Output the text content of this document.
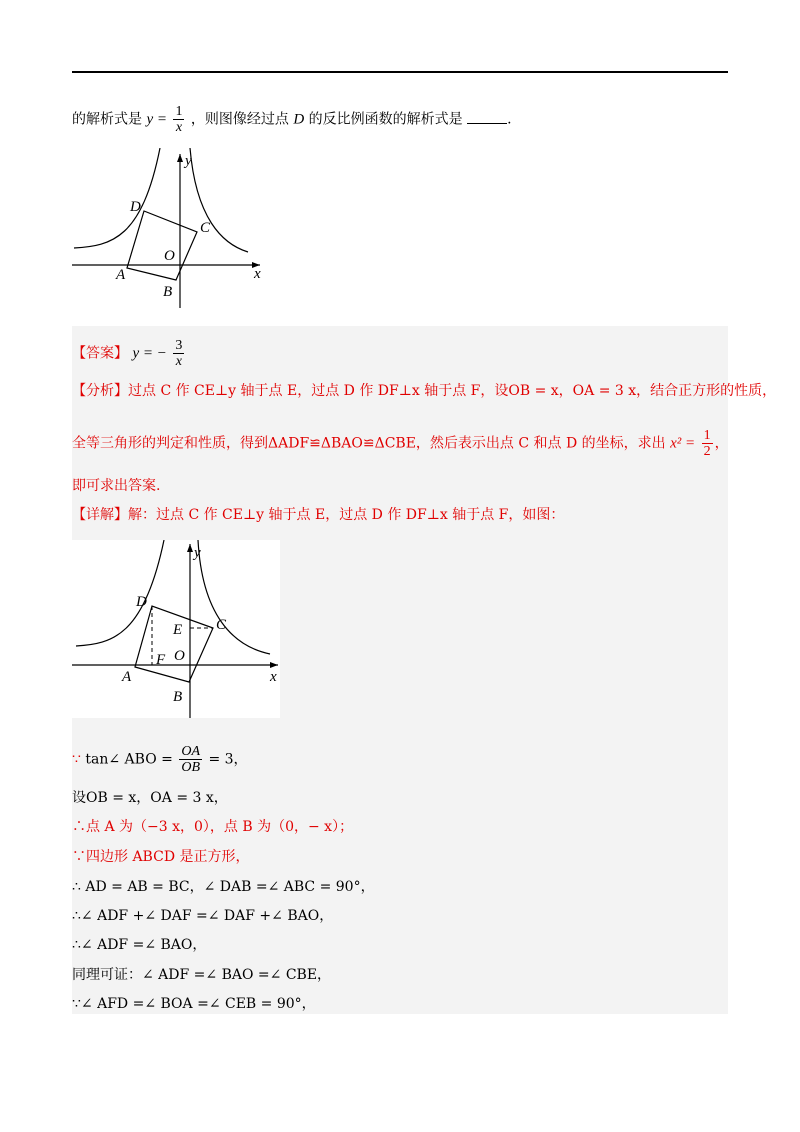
的解析式是 $y = \frac{1}{x}$ ，则图像经过点 D 的反比例函数的解析式是	.
y
x
O
A
B
C
D
【答案】 y = − $\frac{3}{x}$
【分析】过点 C 作 CE⊥y 轴于点 E，过点 D 作 DF⊥x 轴于点 F，设OB = x，OA = 3 x，结合正方形的性质，
全等三角形的判定和性质，得到ΔADF≌ΔBAO≌ΔCBE，然后表示出点 C 和点 D 的坐标，求出 $x^2 = \frac{1}{2}$ ，
即可求出答案.
【详解】解：过点 C 作 CE⊥y 轴于点 E，过点 D 作 DF⊥x 轴于点 F，如图：
y
x
O
A
B
C
D
E
F
∵ tan∠ ABO = $\frac{OA}{OB} = 3$，
设OB = x，OA = 3 x，
∴点 A 为（−3 x，0），点 B 为（0，− x）；
∵四边形 ABCD 是正方形，
∴ AD = AB = BC，∠ DAB =∠ ABC = 90°，
∴∠ ADF +∠ DAF =∠ DAF +∠ BAO，
∴∠ ADF =∠ BAO，
同理可证：∠ ADF =∠ BAO =∠ CBE，
∵∠ AFD =∠ BOA =∠ CEB = 90°，
